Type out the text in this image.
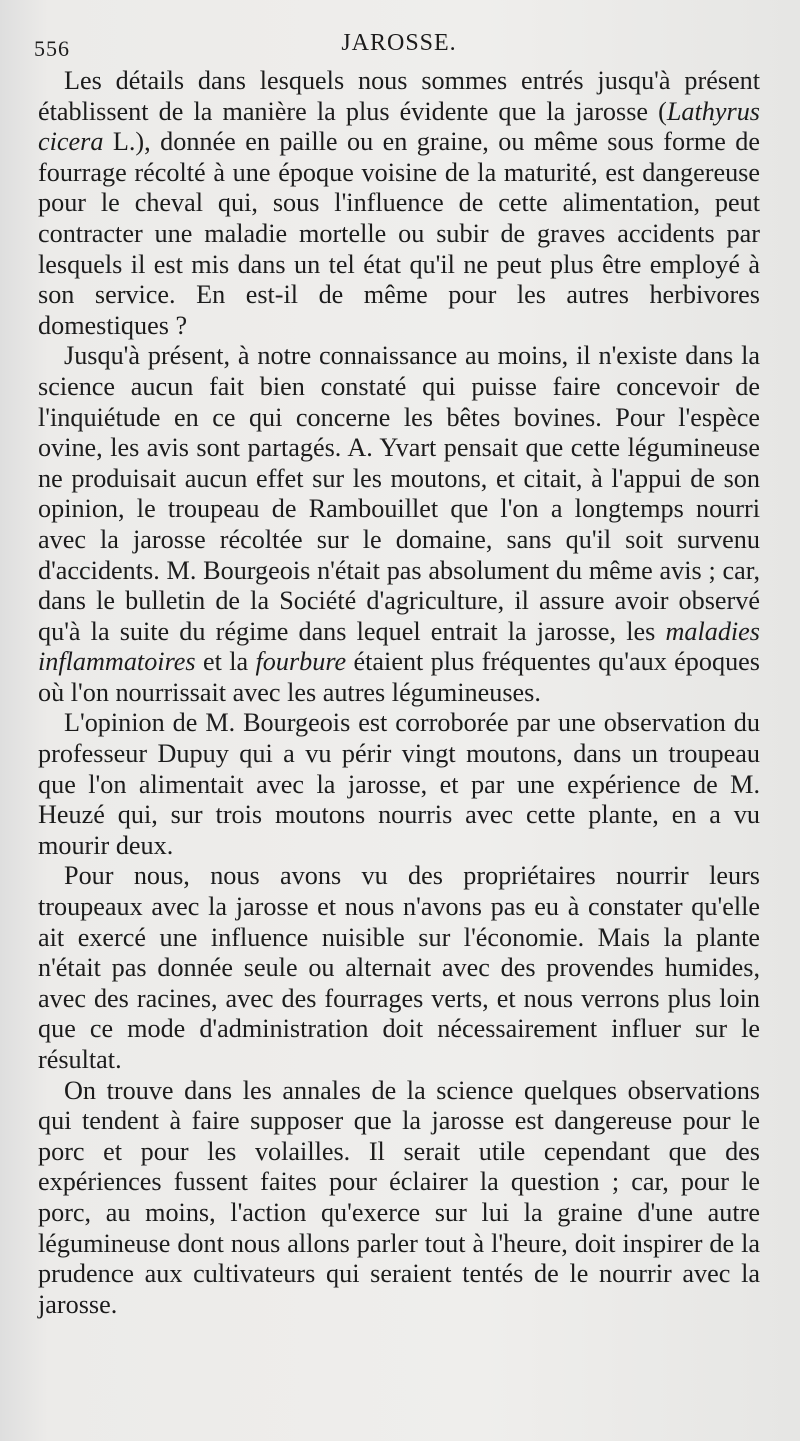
556	JAROSSE.

Les détails dans lesquels nous sommes entrés jusqu'à présent établissent de la manière la plus évidente que la jarosse (Lathyrus cicera L.), donnée en paille ou en graine, ou même sous forme de fourrage récolté à une époque voisine de la maturité, est dangereuse pour le cheval qui, sous l'influence de cette alimentation, peut contracter une maladie mortelle ou subir de graves accidents par lesquels il est mis dans un tel état qu'il ne peut plus être employé à son service. En est-il de même pour les autres herbivores domestiques ?

Jusqu'à présent, à notre connaissance au moins, il n'existe dans la science aucun fait bien constaté qui puisse faire concevoir de l'inquiétude en ce qui concerne les bêtes bovines. Pour l'espèce ovine, les avis sont partagés. A. Yvart pensait que cette légumineuse ne produisait aucun effet sur les moutons, et citait, à l'appui de son opinion, le troupeau de Rambouillet que l'on a longtemps nourri avec la jarosse récoltée sur le domaine, sans qu'il soit survenu d'accidents. M. Bourgeois n'était pas absolument du même avis ; car, dans le bulletin de la Société d'agriculture, il assure avoir observé qu'à la suite du régime dans lequel entrait la jarosse, les maladies inflammatoires et la fourbure étaient plus fréquentes qu'aux époques où l'on nourrissait avec les autres légumineuses.

L'opinion de M. Bourgeois est corroborée par une observation du professeur Dupuy qui a vu périr vingt moutons, dans un troupeau que l'on alimentait avec la jarosse, et par une expérience de M. Heuzé qui, sur trois moutons nourris avec cette plante, en a vu mourir deux.

Pour nous, nous avons vu des propriétaires nourrir leurs troupeaux avec la jarosse et nous n'avons pas eu à constater qu'elle ait exercé une influence nuisible sur l'économie. Mais la plante n'était pas donnée seule ou alternait avec des provendes humides, avec des racines, avec des fourrages verts, et nous verrons plus loin que ce mode d'administration doit nécessairement influer sur le résultat.

On trouve dans les annales de la science quelques observations qui tendent à faire supposer que la jarosse est dangereuse pour le porc et pour les volailles. Il serait utile cependant que des expériences fussent faites pour éclairer la question ; car, pour le porc, au moins, l'action qu'exerce sur lui la graine d'une autre légumineuse dont nous allons parler tout à l'heure, doit inspirer de la prudence aux cultivateurs qui seraient tentés de le nourrir avec la jarosse.
